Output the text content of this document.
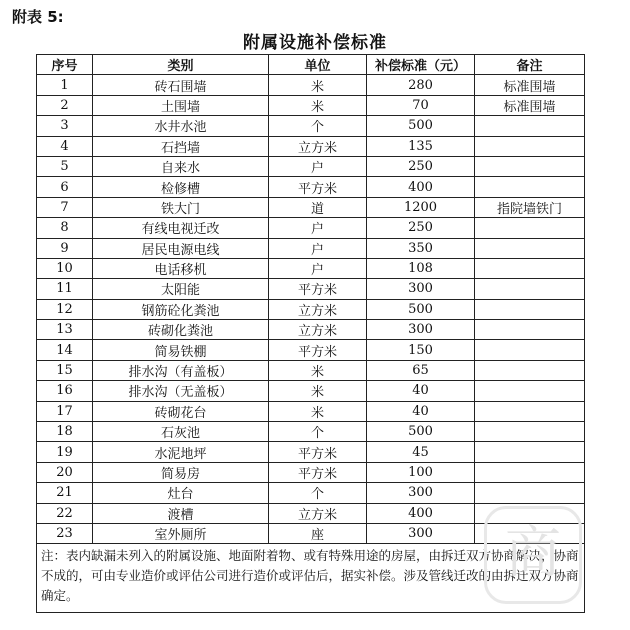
附表 5:
附属设施补偿标准
序号	类别	单位	补偿标准（元）	备注
1	砖石围墙	米	280	标准围墙
2	土围墙	米	70	标准围墙
3	水井水池	个	500	
4	石挡墙	立方米	135	
5	自来水	户	250	
6	检修槽	平方米	400	
7	铁大门	道	1200	指院墙铁门
8	有线电视迁改	户	250	
9	居民电源电线	户	350	
10	电话移机	户	108	
11	太阳能	平方米	300	
12	钢筋砼化粪池	立方米	500	
13	砖砌化粪池	立方米	300	
14	简易铁棚	平方米	150	
15	排水沟（有盖板）	米	65	
16	排水沟（无盖板）	米	40	
17	砖砌花台	米	40	
18	石灰池	个	500	
19	水泥地坪	平方米	45	
20	简易房	平方米	100	
21	灶台	个	300	
22	渡槽	立方米	400	
23	室外厕所	座	300	
注：表内缺漏未列入的附属设施、地面附着物、或有特殊用途的房屋，由拆迁双方协商解决，协商不成的，可由专业造价或评估公司进行造价或评估后，据实补偿。涉及管线迁改的由拆迁双方协商确定。				
商
